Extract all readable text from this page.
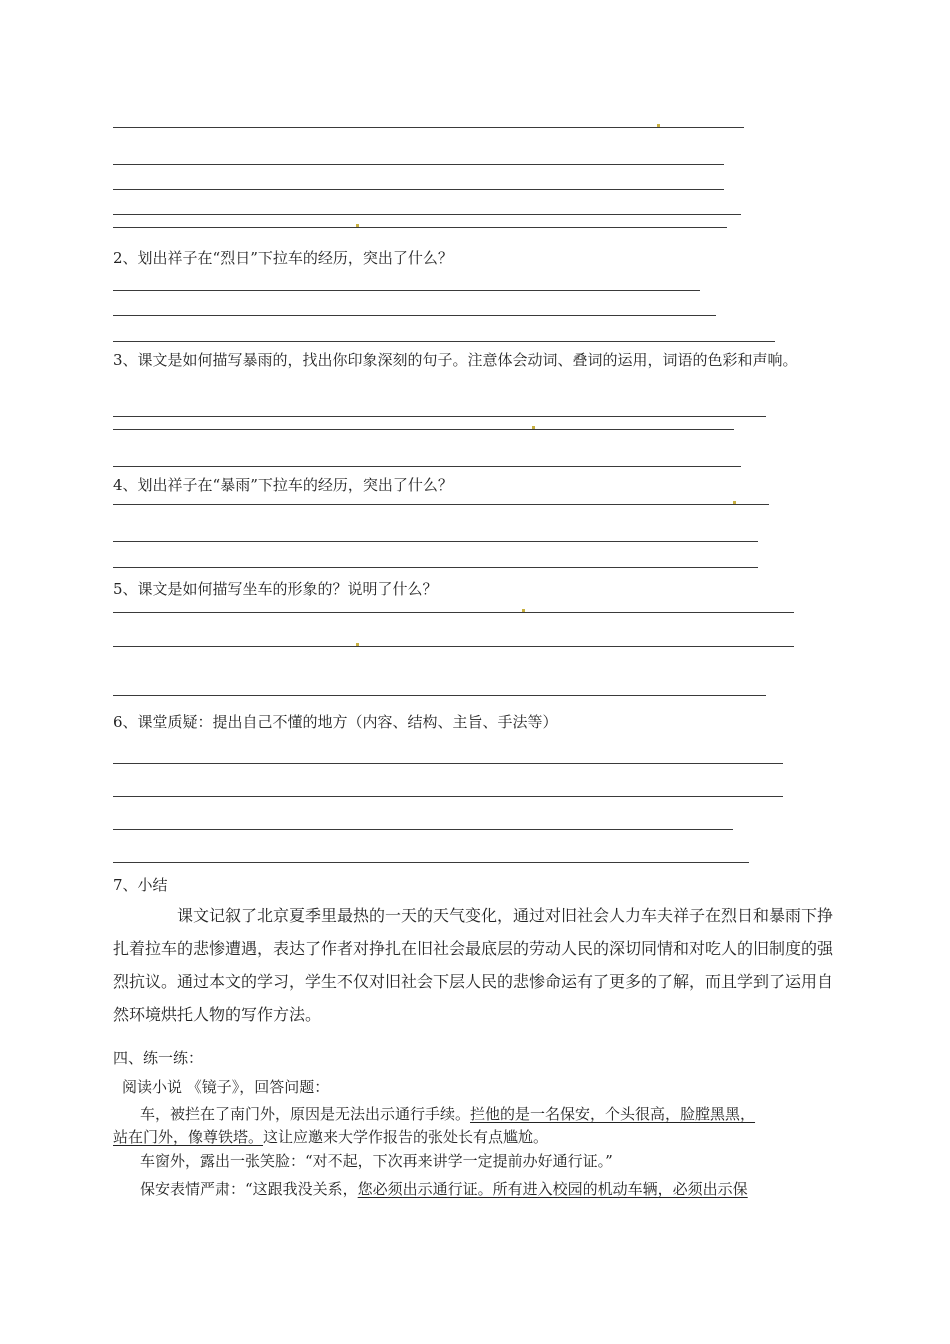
2、划出祥子在“烈日”下拉车的经历，突出了什么？
3、课文是如何描写暴雨的，找出你印象深刻的句子。注意体会动词、叠词的运用，词语的色彩和声响。
4、划出祥子在“暴雨”下拉车的经历，突出了什么？
5、课文是如何描写坐车的形象的？说明了什么？
6、课堂质疑：提出自己不懂的地方（内容、结构、主旨、手法等）
7、小结
课文记叙了北京夏季里最热的一天的天气变化，通过对旧社会人力车夫祥子在烈日和暴雨下挣扎着拉车的悲惨遭遇，表达了作者对挣扎在旧社会最底层的劳动人民的深切同情和对吃人的旧制度的强烈抗议。通过本文的学习，学生不仅对旧社会下层人民的悲惨命运有了更多的了解，而且学到了运用自然环境烘托人物的写作方法。
四、练一练：
阅读小说 《镜子》，回答问题：
车，被拦在了南门外，原因是无法出示通行手续。拦他的是一名保安，个头很高，脸膛黑黑，
站在门外，像尊铁塔。这让应邀来大学作报告的张处长有点尴尬。
车窗外，露出一张笑脸：“对不起，下次再来讲学一定提前办好通行证。”
保安表情严肃：“这跟我没关系，您必须出示通行证。所有进入校园的机动车辆，必须出示保
